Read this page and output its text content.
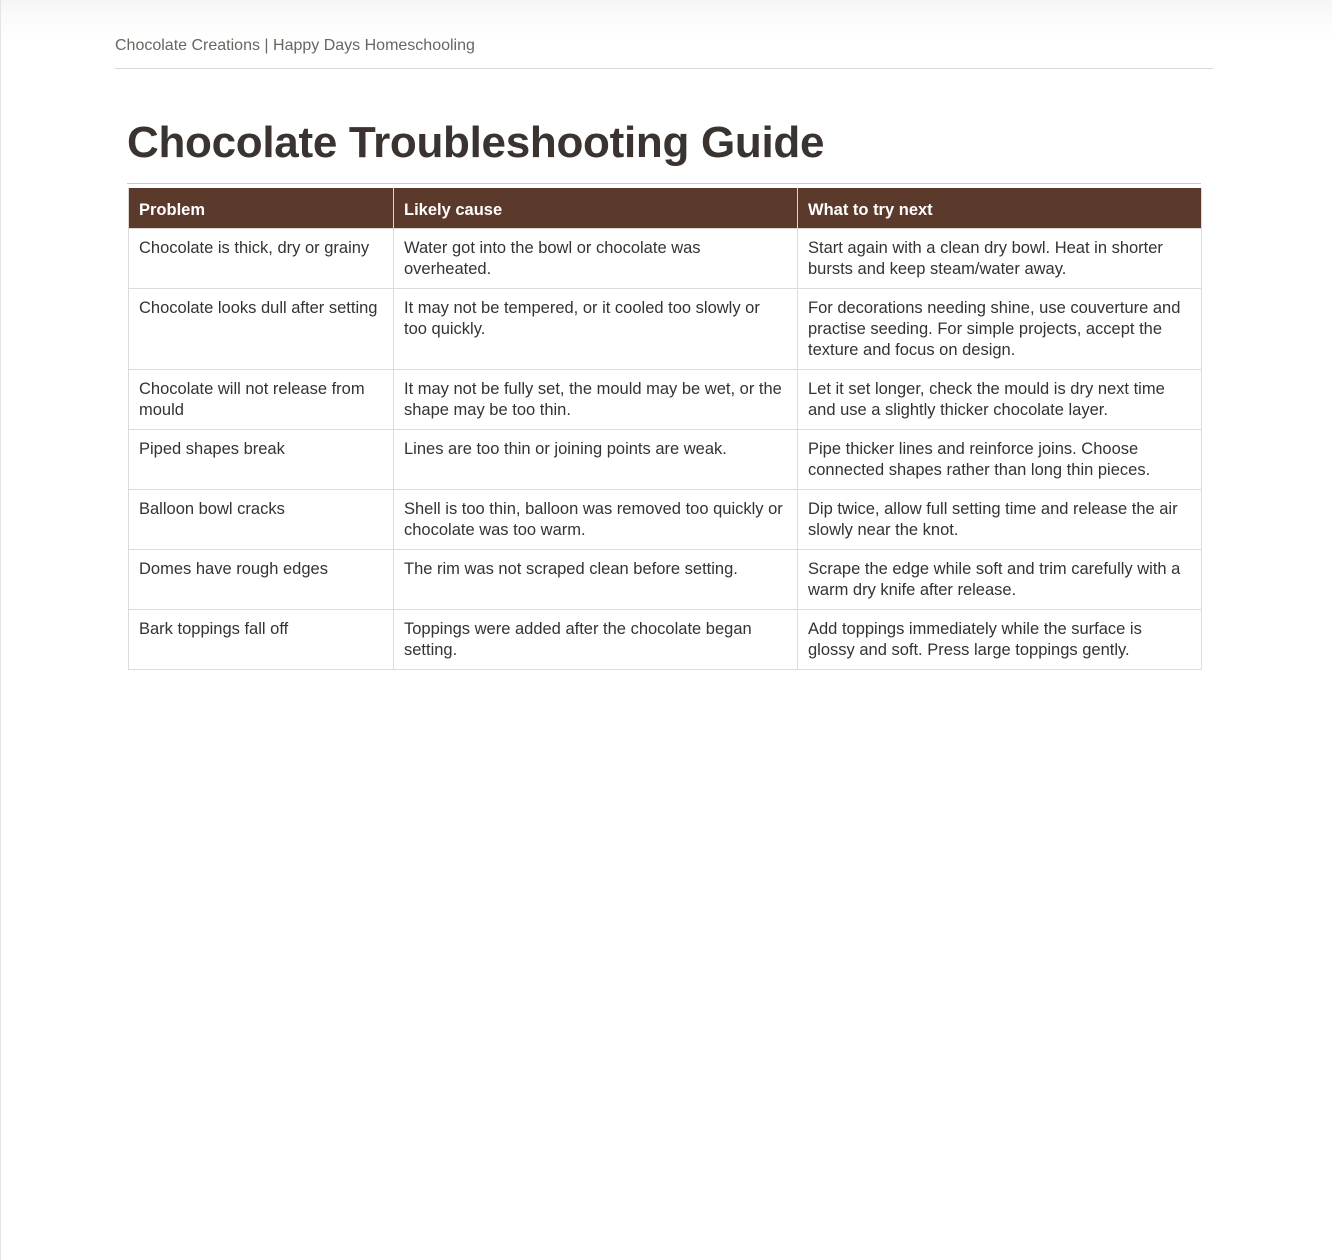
Chocolate Creations | Happy Days Homeschooling
Chocolate Troubleshooting Guide
Problem	Likely cause	What to try next
Chocolate is thick, dry or grainy	Water got into the bowl or chocolate was overheated.	Start again with a clean dry bowl. Heat in shorter bursts and keep steam/water away.
Chocolate looks dull after setting	It may not be tempered, or it cooled too slowly or too quickly.	For decorations needing shine, use couverture and practise seeding. For simple projects, accept the texture and focus on design.
Chocolate will not release from mould	It may not be fully set, the mould may be wet, or the shape may be too thin.	Let it set longer, check the mould is dry next time and use a slightly thicker chocolate layer.
Piped shapes break	Lines are too thin or joining points are weak.	Pipe thicker lines and reinforce joins. Choose connected shapes rather than long thin pieces.
Balloon bowl cracks	Shell is too thin, balloon was removed too quickly or chocolate was too warm.	Dip twice, allow full setting time and release the air slowly near the knot.
Domes have rough edges	The rim was not scraped clean before setting.	Scrape the edge while soft and trim carefully with a warm dry knife after release.
Bark toppings fall off	Toppings were added after the chocolate began setting.	Add toppings immediately while the surface is glossy and soft. Press large toppings gently.
